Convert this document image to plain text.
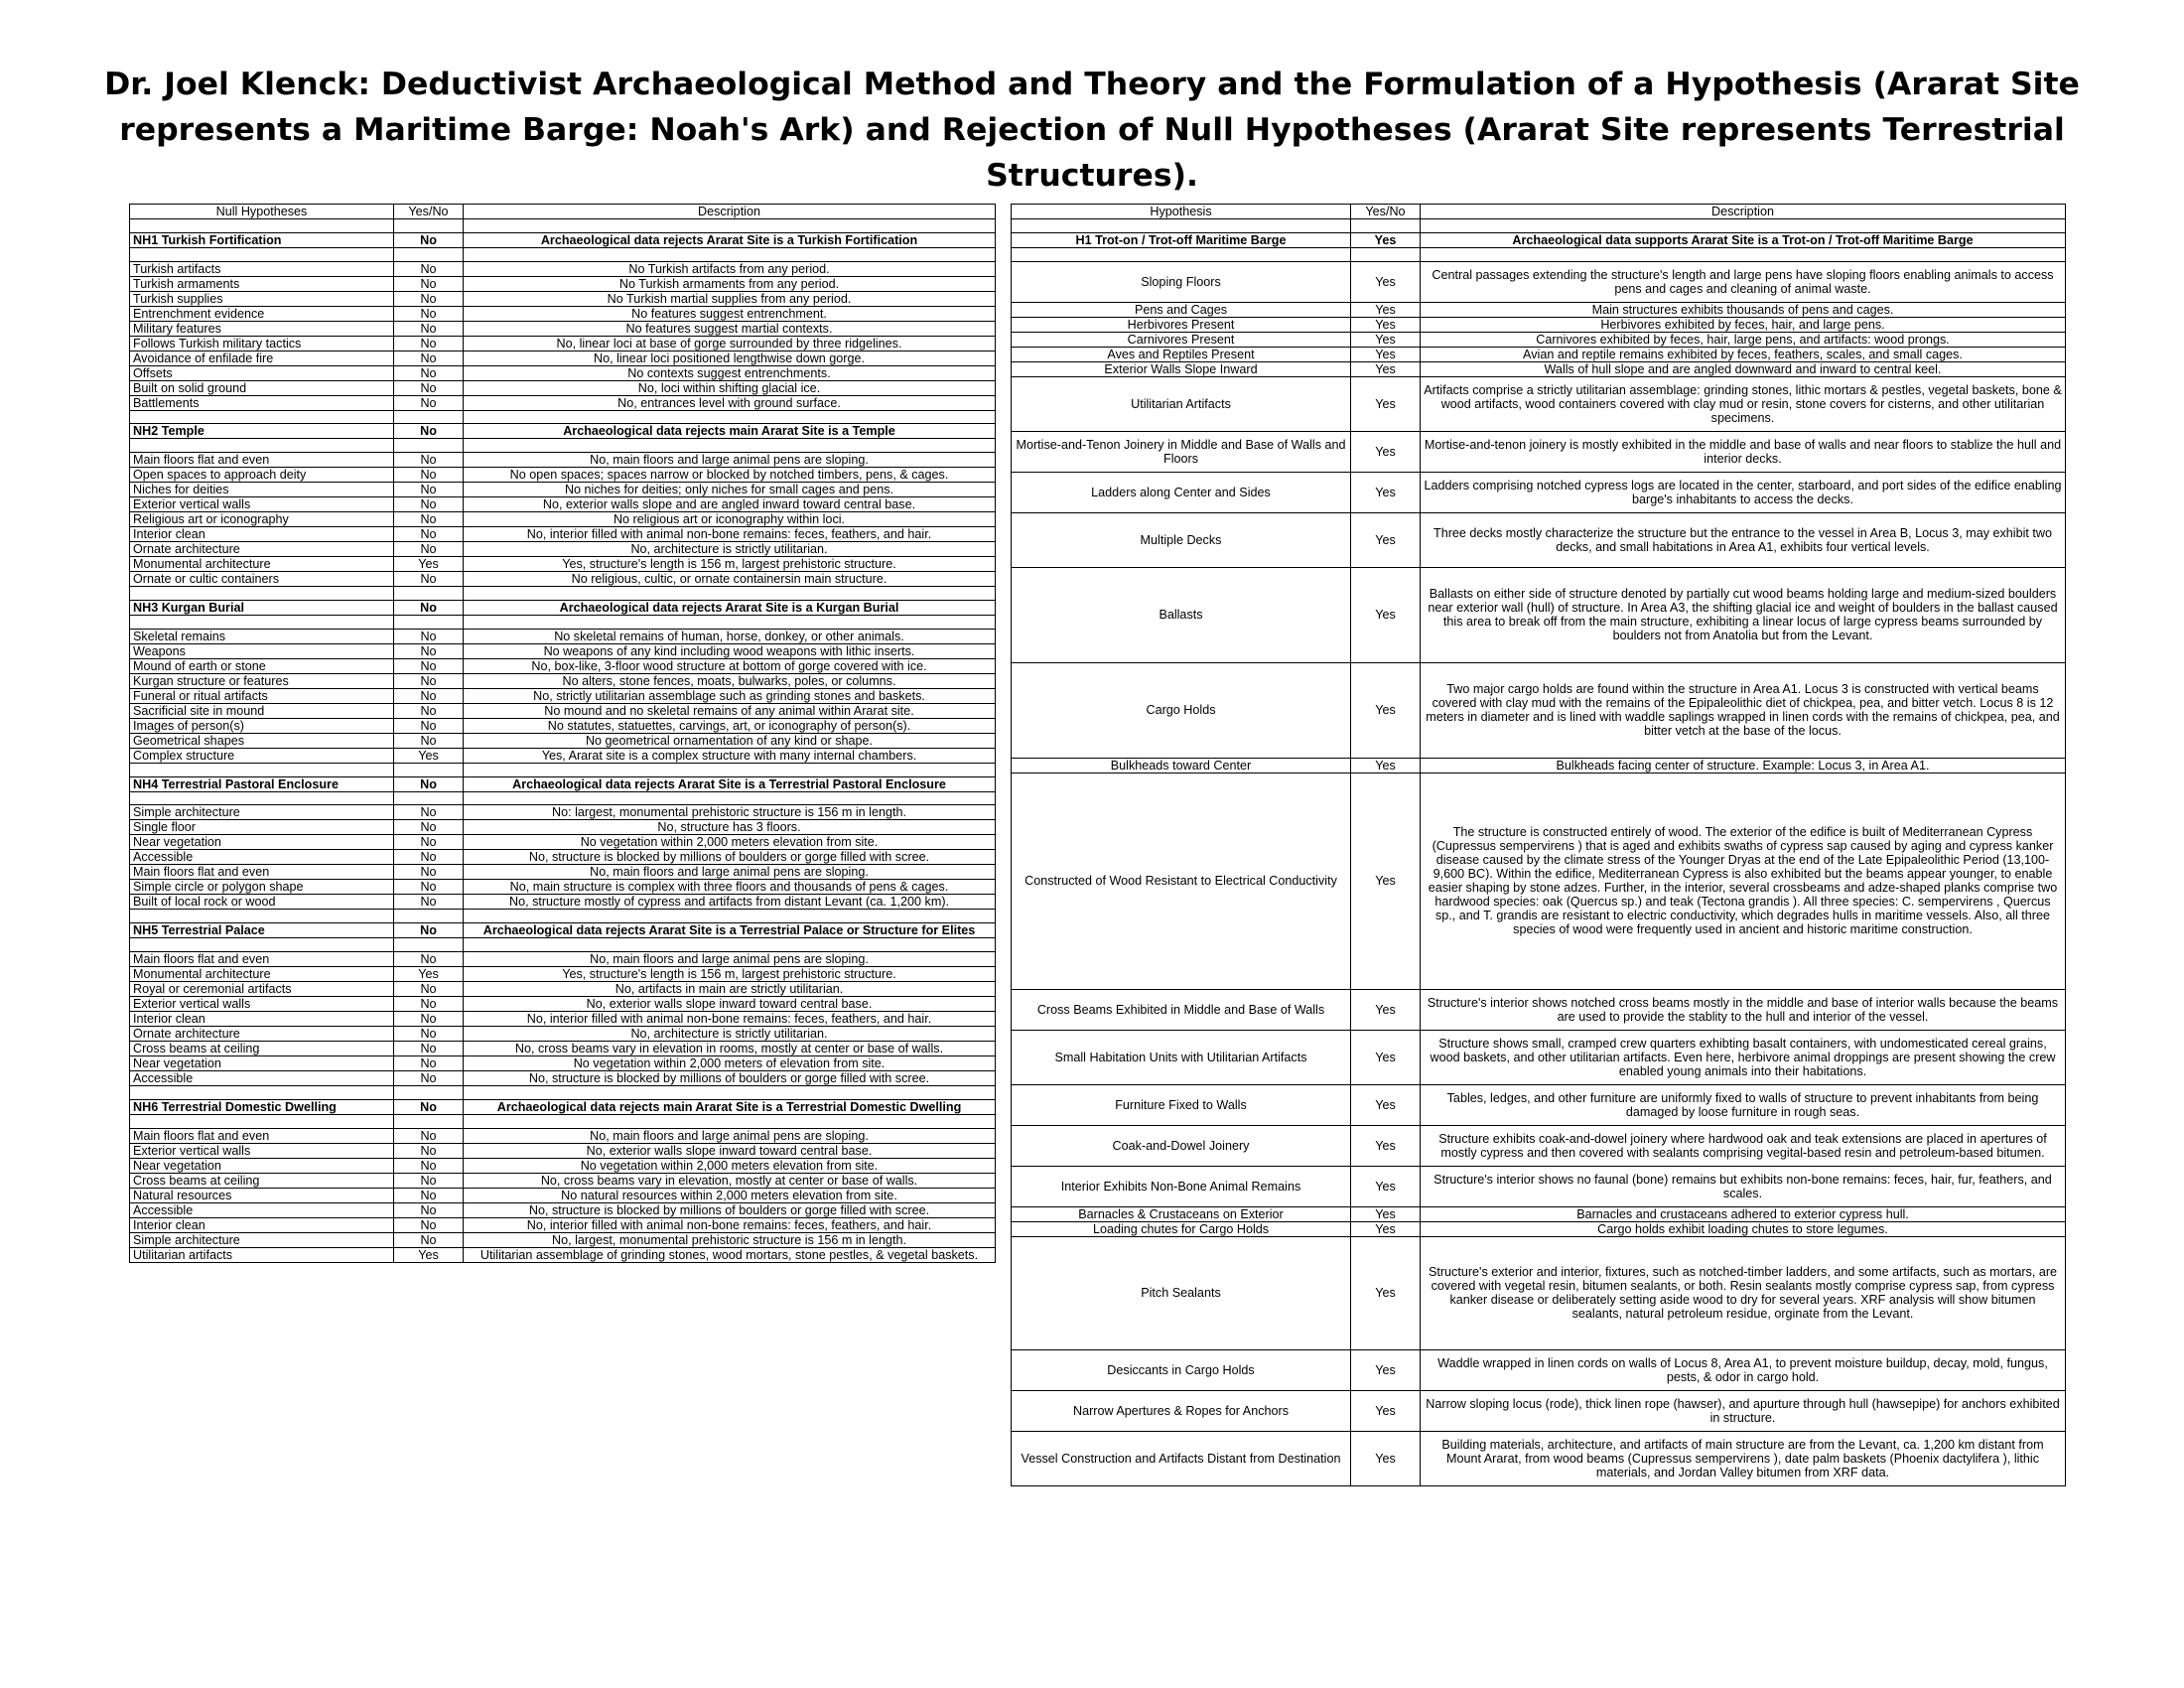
Dr. Joel Klenck: Deductivist Archaeological Method and Theory and the Formulation of a Hypothesis (Ararat Site represents a Maritime Barge: Noah's Ark) and Rejection of Null Hypotheses (Ararat Site represents Terrestrial Structures).
Null Hypotheses	Yes/No	Description

NH1 Turkish Fortification	No	Archaeological data rejects Ararat Site is a Turkish Fortification

Turkish artifacts	No	No Turkish artifacts from any period.
Turkish armaments	No	No Turkish armaments from any period.
Turkish supplies	No	No Turkish martial supplies from any period.
Entrenchment evidence	No	No features suggest entrenchment.
Military features	No	No features suggest martial contexts.
Follows Turkish military tactics	No	No, linear loci at base of gorge surrounded by three ridgelines.
Avoidance of enfilade fire	No	No, linear loci positioned lengthwise down gorge.
Offsets	No	No contexts suggest entrenchments.
Built on solid ground	No	No, loci within shifting glacial ice.
Battlements	No	No, entrances level with ground surface.

NH2 Temple	No	Archaeological data rejects main Ararat Site is a Temple

Main floors flat and even	No	No, main floors and large animal pens are sloping.
Open spaces to approach deity	No	No open spaces; spaces narrow or blocked by notched timbers, pens, & cages.
Niches for deities	No	No niches for deities; only niches for small cages and pens.
Exterior vertical walls	No	No, exterior walls slope and are angled inward toward central base.
Religious art or iconography	No	No religious art or iconography within loci.
Interior clean	No	No, interior filled with animal non-bone remains: feces, feathers, and hair.
Ornate architecture	No	No, architecture is strictly utilitarian.
Monumental architecture	Yes	Yes, structure's length is 156 m, largest prehistoric structure.
Ornate or cultic containers	No	No religious, cultic, or ornate containersin main structure.

NH3 Kurgan Burial	No	Archaeological data rejects Ararat Site is a Kurgan Burial

Skeletal remains	No	No skeletal remains of human, horse, donkey, or other animals.
Weapons	No	No weapons of any kind including wood weapons with lithic inserts.
Mound of earth or stone	No	No, box-like, 3-floor wood structure at bottom of gorge covered with ice.
Kurgan structure or features	No	No alters, stone fences, moats, bulwarks, poles, or columns.
Funeral or ritual artifacts	No	No, strictly utilitarian assemblage such as grinding stones and baskets.
Sacrificial site in mound	No	No mound and no skeletal remains of any animal within Ararat site.
Images of person(s)	No	No statutes, statuettes, carvings, art, or iconography of person(s).
Geometrical shapes	No	No geometrical ornamentation of any kind or shape.
Complex structure	Yes	Yes, Ararat site is a complex structure with many internal chambers.

NH4 Terrestrial Pastoral Enclosure	No	Archaeological data rejects Ararat Site is a Terrestrial Pastoral Enclosure

Simple architecture	No	No: largest, monumental prehistoric structure is 156 m in length.
Single floor	No	No, structure has 3 floors.
Near vegetation	No	No vegetation within 2,000 meters elevation from site.
Accessible	No	No, structure is blocked by millions of boulders or gorge filled with scree.
Main floors flat and even	No	No, main floors and large animal pens are sloping.
Simple circle or polygon shape	No	No, main structure is complex with three floors and thousands of pens & cages.
Built of local rock or wood	No	No, structure mostly of cypress and artifacts from distant Levant (ca. 1,200 km).

NH5 Terrestrial Palace	No	Archaeological data rejects Ararat Site is a Terrestrial Palace or Structure for Elites

Main floors flat and even	No	No, main floors and large animal pens are sloping.
Monumental architecture	Yes	Yes, structure's length is 156 m, largest prehistoric structure.
Royal or ceremonial artifacts	No	No, artifacts in main are strictly utilitarian.
Exterior vertical walls	No	No, exterior walls slope inward toward central base.
Interior clean	No	No, interior filled with animal non-bone remains: feces, feathers, and hair.
Ornate architecture	No	No, architecture is strictly utilitarian.
Cross beams at ceiling	No	No, cross beams vary in elevation in rooms, mostly at center or base of walls.
Near vegetation	No	No vegetation within 2,000 meters of elevation from site.
Accessible	No	No, structure is blocked by millions of boulders or gorge filled with scree.

NH6 Terrestrial Domestic Dwelling	No	Archaeological data rejects main Ararat Site is a Terrestrial Domestic Dwelling

Main floors flat and even	No	No, main floors and large animal pens are sloping.
Exterior vertical walls	No	No, exterior walls slope inward toward central base.
Near vegetation	No	No vegetation within 2,000 meters elevation from site.
Cross beams at ceiling	No	No, cross beams vary in elevation, mostly at center or base of walls.
Natural resources	No	No natural resources within 2,000 meters elevation from site.
Accessible	No	No, structure is blocked by millions of boulders or gorge filled with scree.
Interior clean	No	No, interior filled with animal non-bone remains: feces, feathers, and hair.
Simple architecture	No	No, largest, monumental prehistoric structure is 156 m in length.
Utilitarian artifacts	Yes	Utilitarian assemblage of grinding stones, wood mortars, stone pestles, & vegetal baskets.
Hypothesis	Yes/No	Description

H1 Trot-on / Trot-off Maritime Barge	Yes	Archaeological data supports Ararat Site is a Trot-on / Trot-off Maritime Barge

Sloping Floors	Yes	Central passages extending the structure's length and large pens have sloping floors enabling animals to access pens and cages and cleaning of animal waste.
Pens and Cages	Yes	Main structures exhibits thousands of pens and cages.
Herbivores Present	Yes	Herbivores exhibited by feces, hair, and large pens.
Carnivores Present	Yes	Carnivores exhibited by feces, hair, large pens, and artifacts: wood prongs.
Aves and Reptiles Present	Yes	Avian and reptile remains exhibited by feces, feathers, scales, and small cages.
Exterior Walls Slope Inward	Yes	Walls of hull slope and are angled downward and inward to central keel.
Utilitarian Artifacts	Yes	Artifacts comprise a strictly utilitarian assemblage: grinding stones, lithic mortars & pestles, vegetal baskets, bone & wood artifacts, wood containers covered with clay mud or resin, stone covers for cisterns, and other utilitarian specimens.
Mortise-and-Tenon Joinery in Middle and Base of Walls and Floors	Yes	Mortise-and-tenon joinery is mostly exhibited in the middle and base of walls and near floors to stablize the hull and interior decks.
Ladders along Center and Sides	Yes	Ladders comprising notched cypress logs are located in the center, starboard, and port sides of the edifice enabling barge's inhabitants to access the decks.
Multiple Decks	Yes	Three decks mostly characterize the structure but the entrance to the vessel in Area B, Locus 3, may exhibit two decks, and small habitations in Area A1, exhibits four vertical levels.
Ballasts	Yes	Ballasts on either side of structure denoted by partially cut wood beams holding large and medium-sized boulders near exterior wall (hull) of structure. In Area A3, the shifting glacial ice and weight of boulders in the ballast caused this area to break off from the main structure, exhibiting a linear locus of large cypress beams surrounded by boulders not from Anatolia but from the Levant.
Cargo Holds	Yes	Two major cargo holds are found within the structure in Area A1. Locus 3 is constructed with vertical beams covered with clay mud with the remains of the Epipaleolithic diet of chickpea, pea, and bitter vetch. Locus 8 is 12 meters in diameter and is lined with waddle saplings wrapped in linen cords with the remains of chickpea, pea, and bitter vetch at the base of the locus.
Bulkheads toward Center	Yes	Bulkheads facing center of structure. Example: Locus 3, in Area A1.
Constructed of Wood Resistant to Electrical Conductivity	Yes	The structure is constructed entirely of wood. The exterior of the edifice is built of Mediterranean Cypress (Cupressus sempervirens ) that is aged and exhibits swaths of cypress sap caused by aging and cypress kanker disease caused by the climate stress of the Younger Dryas at the end of the Late Epipaleolithic Period (13,100-9,600 BC). Within the edifice, Mediterranean Cypress is also exhibited but the beams appear younger, to enable easier shaping by stone adzes. Further, in the interior, several crossbeams and adze-shaped planks comprise two hardwood species: oak (Quercus sp.) and teak (Tectona grandis ). All three species: C. sempervirens , Quercus sp., and T. grandis are resistant to electric conductivity, which degrades hulls in maritime vessels. Also, all three species of wood were frequently used in ancient and historic maritime construction.
Cross Beams Exhibited in Middle and Base of Walls	Yes	Structure's interior shows notched cross beams mostly in the middle and base of interior walls because the beams are used to provide the stablity to the hull and interior of the vessel.
Small Habitation Units with Utilitarian Artifacts	Yes	Structure shows small, cramped crew quarters exhibting basalt containers, with undomesticated cereal grains, wood baskets, and other utilitarian artifacts. Even here, herbivore animal droppings are present showing the crew enabled young animals into their habitations.
Furniture Fixed to Walls	Yes	Tables, ledges, and other furniture are uniformly fixed to walls of structure to prevent inhabitants from being damaged by loose furniture in rough seas.
Coak-and-Dowel Joinery	Yes	Structure exhibits coak-and-dowel joinery where hardwood oak and teak extensions are placed in apertures of mostly cypress and then covered with sealants comprising vegital-based resin and petroleum-based bitumen.
Interior Exhibits Non-Bone Animal Remains	Yes	Structure's interior shows no faunal (bone) remains but exhibits non-bone remains: feces, hair, fur, feathers, and scales.
Barnacles & Crustaceans on Exterior	Yes	Barnacles and crustaceans adhered to exterior cypress hull.
Loading chutes for Cargo Holds	Yes	Cargo holds exhibit loading chutes to store legumes.
Pitch Sealants	Yes	Structure's exterior and interior, fixtures, such as notched-timber ladders, and some artifacts, such as mortars, are covered with vegetal resin, bitumen sealants, or both. Resin sealants mostly comprise cypress sap, from cypress kanker disease or deliberately setting aside wood to dry for several years. XRF analysis will show bitumen sealants, natural petroleum residue, orginate from the Levant.
Desiccants in Cargo Holds	Yes	Waddle wrapped in linen cords on walls of Locus 8, Area A1, to prevent moisture buildup, decay, mold, fungus, pests, & odor in cargo hold.
Narrow Apertures & Ropes for Anchors	Yes	Narrow sloping locus (rode), thick linen rope (hawser), and apurture through hull (hawsepipe) for anchors exhibited in structure.
Vessel Construction and Artifacts Distant from Destination	Yes	Building materials, architecture, and artifacts of main structure are from the Levant, ca. 1,200 km distant from Mount Ararat, from wood beams (Cupressus sempervirens ), date palm baskets (Phoenix dactylifera ), lithic materials, and Jordan Valley bitumen from XRF data.
